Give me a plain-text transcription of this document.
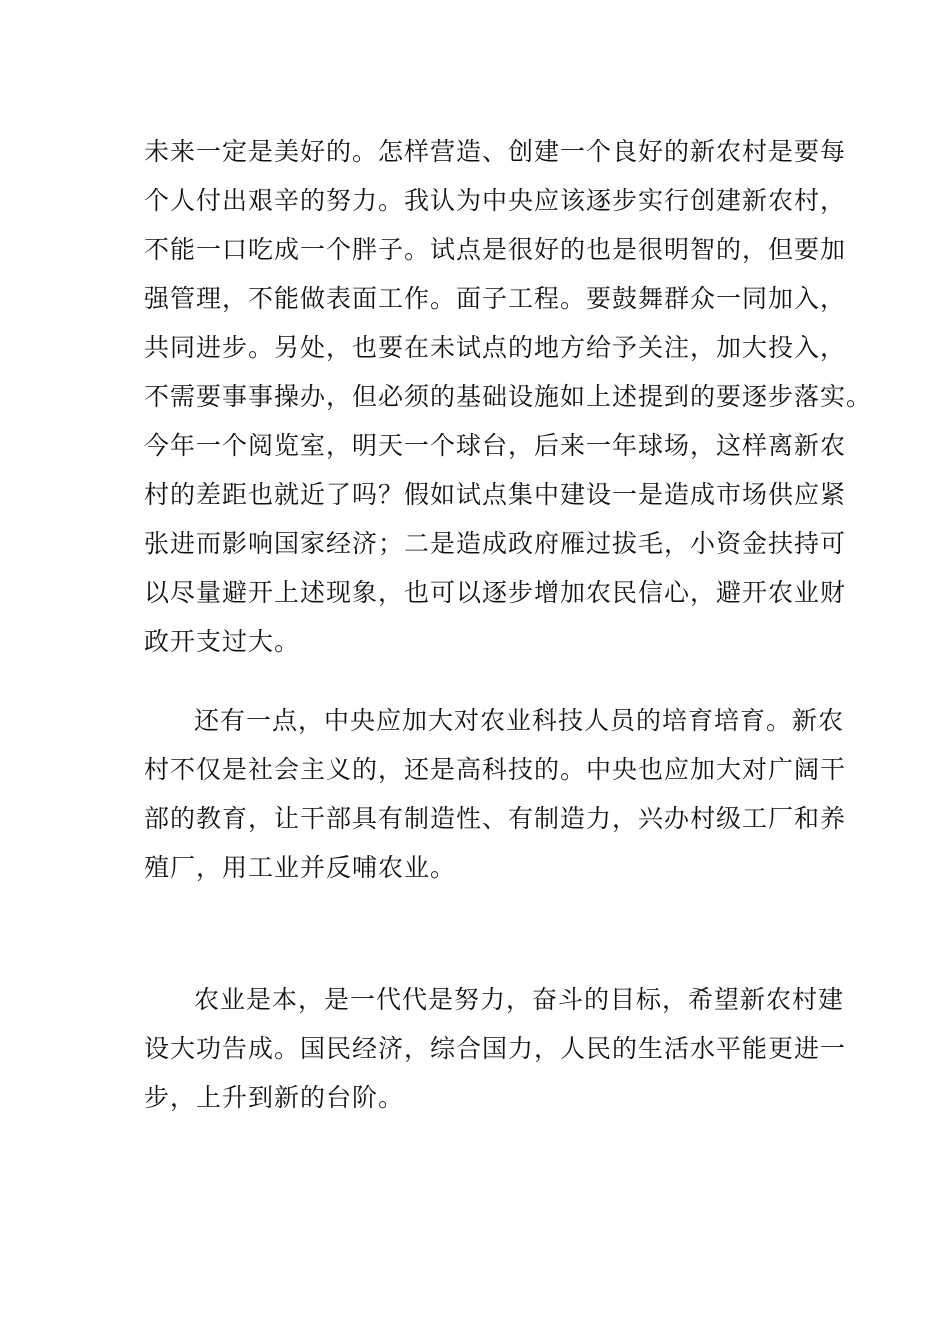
未来一定是美好的。怎样营造、创建一个良好的新农村是要每
个人付出艰辛的努力。我认为中央应该逐步实行创建新农村，
不能一口吃成一个胖子。试点是很好的也是很明智的，但要加
强管理，不能做表面工作。面子工程。要鼓舞群众一同加入，
共同进步。另处，也要在未试点的地方给予关注，加大投入，
不需要事事操办，但必须的基础设施如上述提到的要逐步落实。
今年一个阅览室，明天一个球台，后来一年球场，这样离新农
村的差距也就近了吗？假如试点集中建设一是造成市场供应紧
张进而影响国家经济；二是造成政府雁过拔毛，小资金扶持可
以尽量避开上述现象，也可以逐步增加农民信心，避开农业财
政开支过大。
还有一点，中央应加大对农业科技人员的培育培育。新农
村不仅是社会主义的，还是高科技的。中央也应加大对广阔干
部的教育，让干部具有制造性、有制造力，兴办村级工厂和养
殖厂，用工业并反哺农业。
农业是本，是一代代是努力，奋斗的目标，希望新农村建
设大功告成。国民经济，综合国力，人民的生活水平能更进一
步，上升到新的台阶。
